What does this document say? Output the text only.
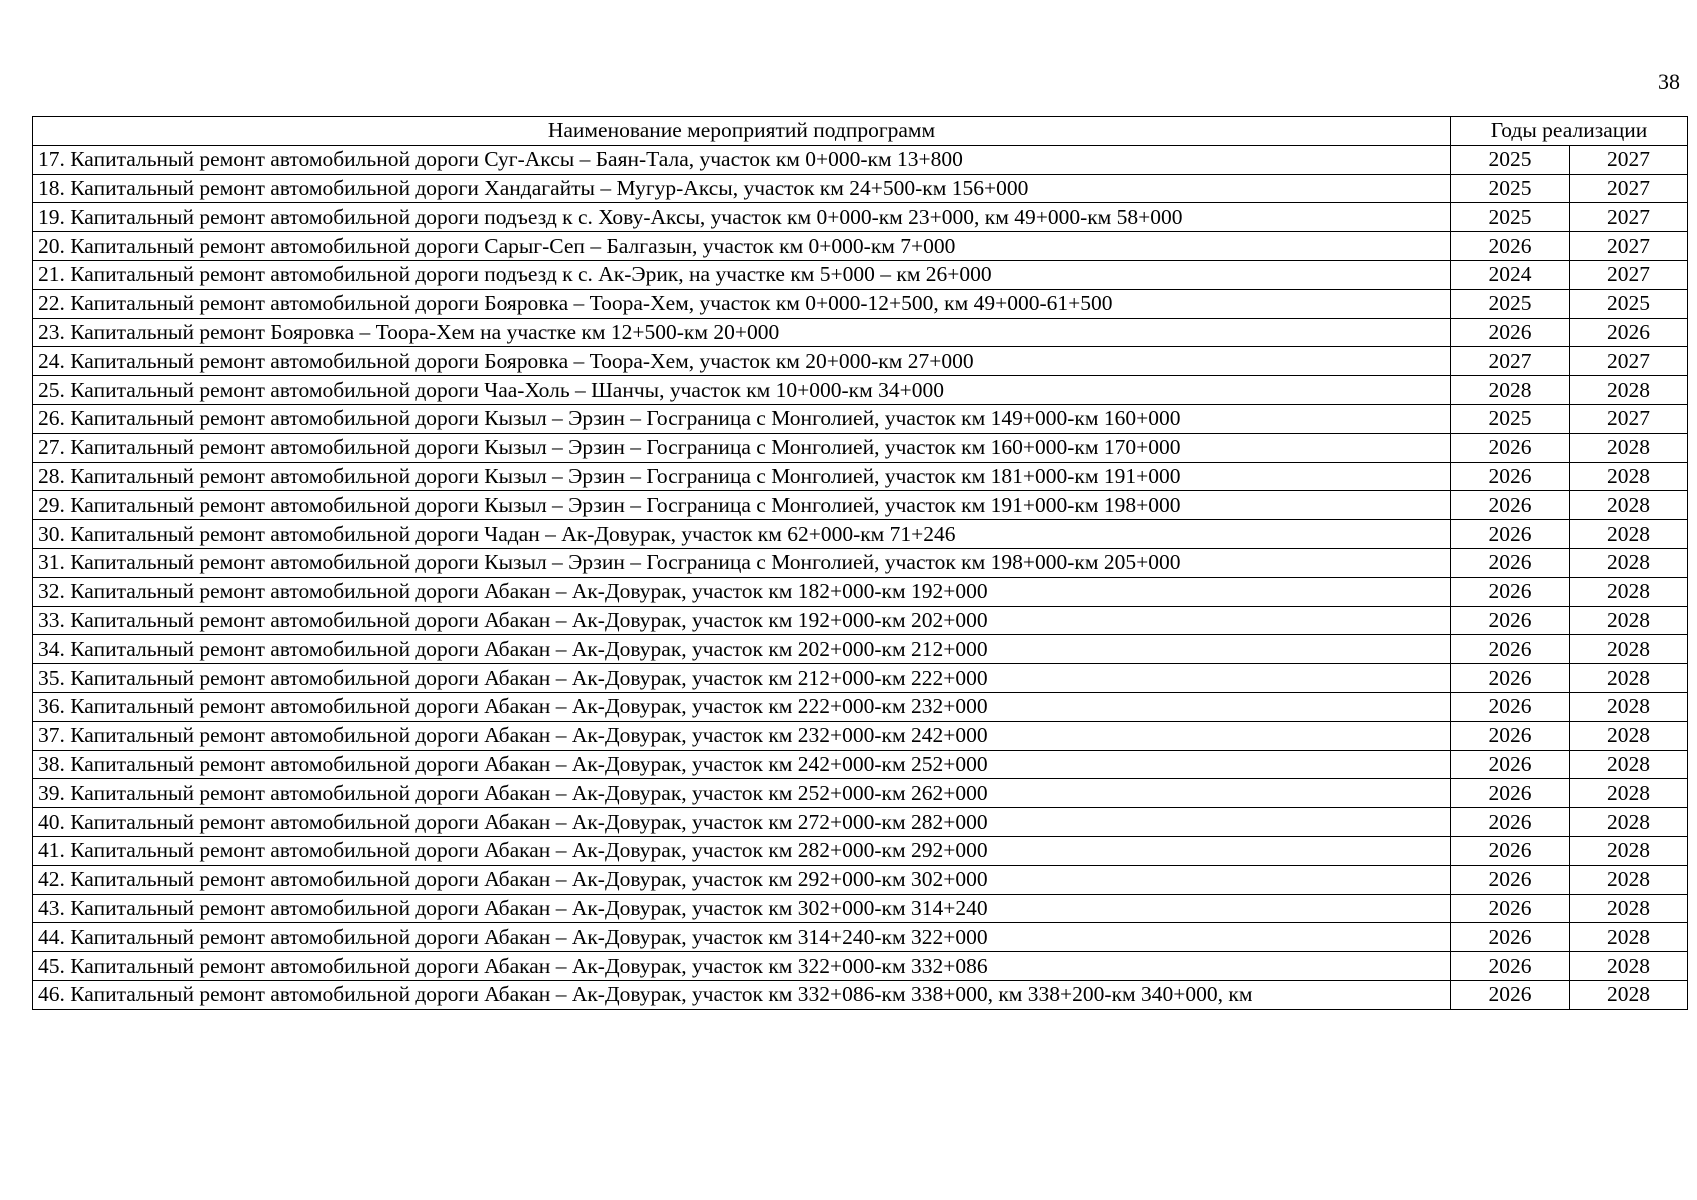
38
Наименование мероприятий подпрограмм	Годы реализации	
17. Капитальный ремонт автомобильной дороги Суг-Аксы – Баян-Тала, участок км 0+000-км 13+800	2025	2027
18. Капитальный ремонт автомобильной дороги Хандагайты – Мугур-Аксы, участок км 24+500-км 156+000	2025	2027
19. Капитальный ремонт автомобильной дороги подъезд к с. Хову-Аксы, участок км 0+000-км 23+000, км 49+000-км 58+000	2025	2027
20. Капитальный ремонт автомобильной дороги Сарыг-Сеп – Балгазын, участок км 0+000-км 7+000	2026	2027
21. Капитальный ремонт автомобильной дороги подъезд к с. Ак-Эрик, на участке км 5+000 – км 26+000	2024	2027
22. Капитальный ремонт автомобильной дороги Бояровка – Тоора-Хем, участок км 0+000-12+500, км 49+000-61+500	2025	2025
23. Капитальный ремонт Бояровка – Тоора-Хем на участке км 12+500-км 20+000	2026	2026
24. Капитальный ремонт автомобильной дороги Бояровка – Тоора-Хем, участок км 20+000-км 27+000	2027	2027
25. Капитальный ремонт автомобильной дороги Чаа-Холь – Шанчы, участок км 10+000-км 34+000	2028	2028
26. Капитальный ремонт автомобильной дороги Кызыл – Эрзин – Госграница с Монголией, участок км 149+000-км 160+000	2025	2027
27. Капитальный ремонт автомобильной дороги Кызыл – Эрзин – Госграница с Монголией, участок км 160+000-км 170+000	2026	2028
28. Капитальный ремонт автомобильной дороги Кызыл – Эрзин – Госграница с Монголией, участок км 181+000-км 191+000	2026	2028
29. Капитальный ремонт автомобильной дороги Кызыл – Эрзин – Госграница с Монголией, участок км 191+000-км 198+000	2026	2028
30. Капитальный ремонт автомобильной дороги Чадан – Ак-Довурак, участок км 62+000-км 71+246	2026	2028
31. Капитальный ремонт автомобильной дороги Кызыл – Эрзин – Госграница с Монголией, участок км 198+000-км 205+000	2026	2028
32. Капитальный ремонт автомобильной дороги Абакан – Ак-Довурак, участок км 182+000-км 192+000	2026	2028
33. Капитальный ремонт автомобильной дороги Абакан – Ак-Довурак, участок км 192+000-км 202+000	2026	2028
34. Капитальный ремонт автомобильной дороги Абакан – Ак-Довурак, участок км 202+000-км 212+000	2026	2028
35. Капитальный ремонт автомобильной дороги Абакан – Ак-Довурак, участок км 212+000-км 222+000	2026	2028
36. Капитальный ремонт автомобильной дороги Абакан – Ак-Довурак, участок км 222+000-км 232+000	2026	2028
37. Капитальный ремонт автомобильной дороги Абакан – Ак-Довурак, участок км 232+000-км 242+000	2026	2028
38. Капитальный ремонт автомобильной дороги Абакан – Ак-Довурак, участок км 242+000-км 252+000	2026	2028
39. Капитальный ремонт автомобильной дороги Абакан – Ак-Довурак, участок км 252+000-км 262+000	2026	2028
40. Капитальный ремонт автомобильной дороги Абакан – Ак-Довурак, участок км 272+000-км 282+000	2026	2028
41. Капитальный ремонт автомобильной дороги Абакан – Ак-Довурак, участок км 282+000-км 292+000	2026	2028
42. Капитальный ремонт автомобильной дороги Абакан – Ак-Довурак, участок км 292+000-км 302+000	2026	2028
43. Капитальный ремонт автомобильной дороги Абакан – Ак-Довурак, участок км 302+000-км 314+240	2026	2028
44. Капитальный ремонт автомобильной дороги Абакан – Ак-Довурак, участок км 314+240-км 322+000	2026	2028
45. Капитальный ремонт автомобильной дороги Абакан – Ак-Довурак, участок км 322+000-км 332+086	2026	2028
46. Капитальный ремонт автомобильной дороги Абакан – Ак-Довурак, участок км 332+086-км 338+000, км 338+200-км 340+000, км	2026	2028
